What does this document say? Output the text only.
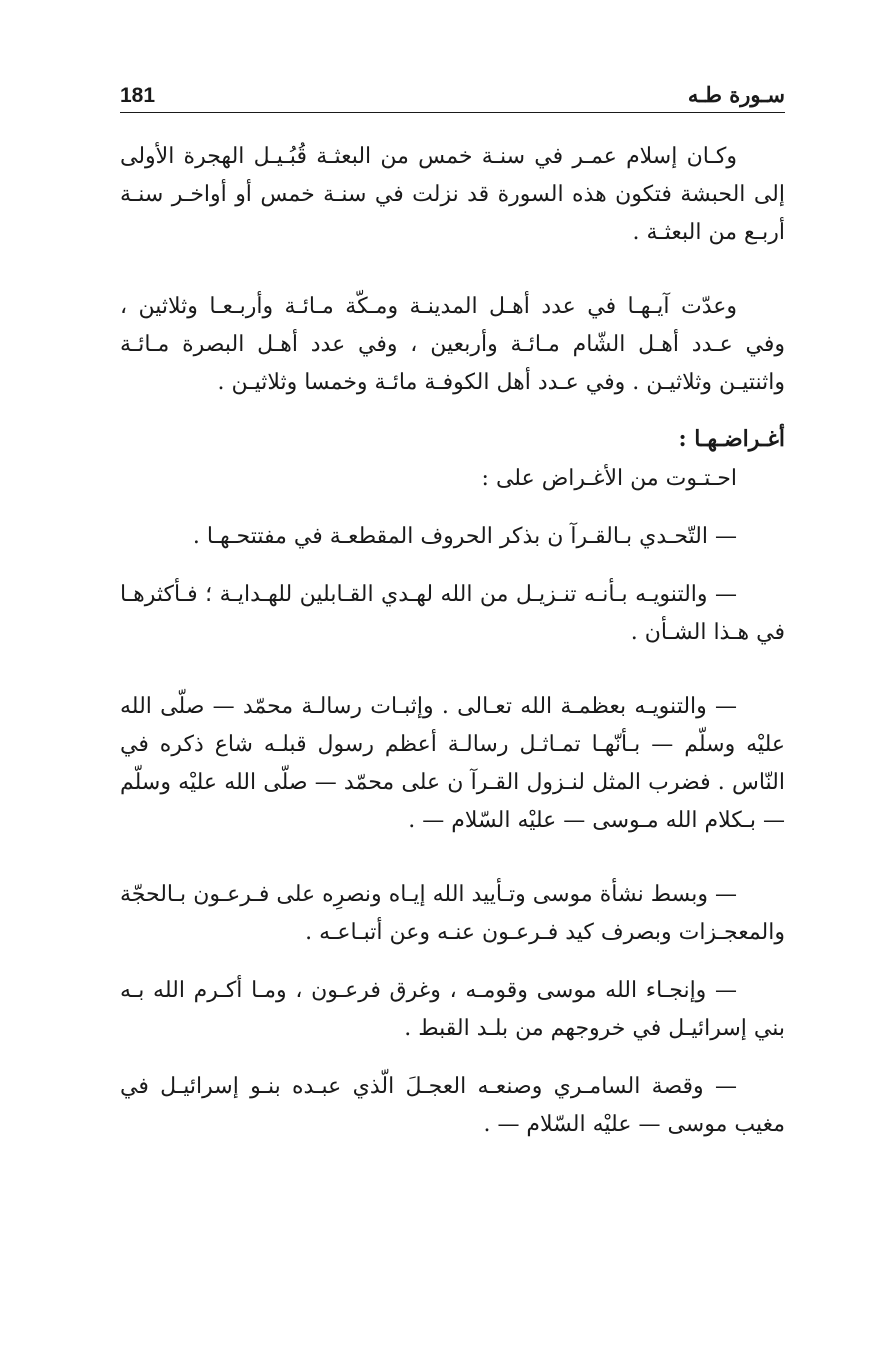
181	سـورة طـه

وكـان إسلام عمـر في سنـة خمس من البعثـة قُبُـيـل الهجرة الأولى إلى الحبشة فتكون هذه السورة قد نزلت في سنـة خمس أو أواخـر سنـة أربـع من البعثـة .

وعدّت آيـهـا في عدد أهـل المدينـة ومـكّة مـائـة وأربـعـا وثلاثين ، وفي عـدد أهـل الشّام مـائـة وأربعين ، وفي عدد أهـل البصرة مـائـة واثنتيـن وثلاثيـن . وفي عـدد أهل الكوفـة مائـة وخمسا وثلاثيـن .

أغـراضـهـا :

احـتـوت من الأغـراض على :

— التّحـدي بـالقـرآ ن بذكر الحروف المقطعـة في مفتتحـهـا .

— والتنويـه بـأنـه تنـزيـل من الله لهـدي القـابلين للهـدايـة ؛ فـأكثرهـا في هـذا الشـأن .

— والتنويـه بعظمـة الله تعـالى . وإثبـات رسالـة محمّد — صلّى الله عليْه وسلّم — بـأنّهـا تمـاثـل رسالـة أعظم رسول قبلـه شاع ذكره في النّاس . فضرب المثل لنـزول القـرآ ن على محمّد — صلّى الله عليْه وسلّم — بـكلام الله مـوسى — عليْه السّلام — .

— وبسط نشأة موسى وتـأييد الله إيـاه ونصرِه على فـرعـون بـالحجّة والمعجـزات وبصرف كيد فـرعـون عنـه وعن أتبـاعـه .

— وإنجـاء الله موسى وقومـه ، وغرق فرعـون ، ومـا أكـرم الله بـه بني إسرائيـل في خروجهم من بلـد القبط .

— وقصة السامـري وصنعـه العجـلَ الّذي عبـده بنـو إسرائيـل في مغيب موسى — عليْه السّلام — .
